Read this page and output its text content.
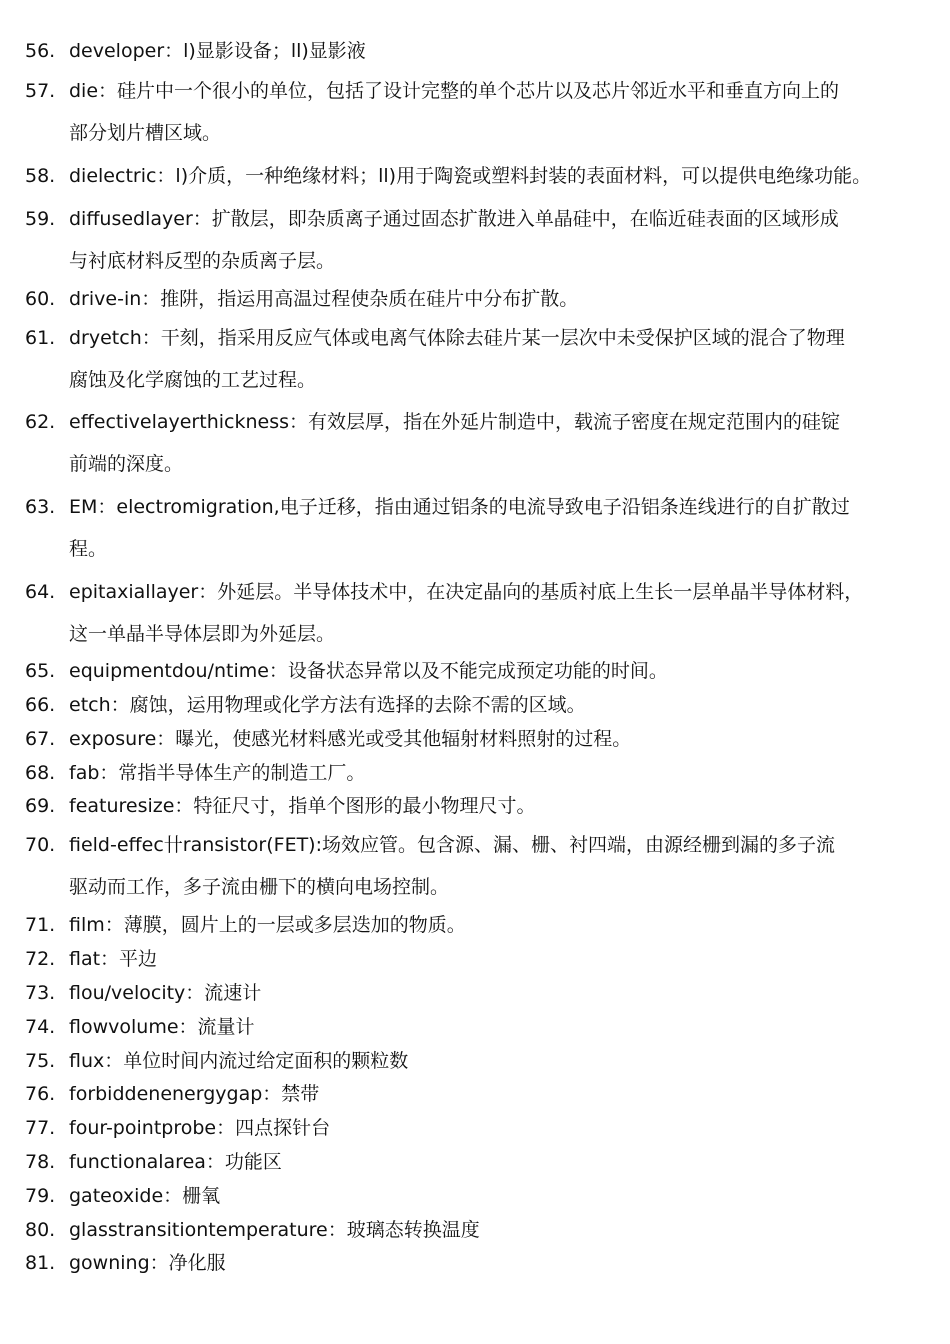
56. developer：l)显影设备；ll)显影液
57. die：硅片中一个很小的单位，包括了设计完整的单个芯片以及芯片邻近水平和垂直方向上的
部分划片槽区域。
58. dielectric：l)介质，一种绝缘材料；ll)用于陶瓷或塑料封装的表面材料，可以提供电绝缘功能。
59. diffusedlayer：扩散层，即杂质离子通过固态扩散进入单晶硅中，在临近硅表面的区域形成
与衬底材料反型的杂质离子层。
60. drive-in：推阱，指运用高温过程使杂质在硅片中分布扩散。
61. dryetch：干刻，指采用反应气体或电离气体除去硅片某一层次中未受保护区域的混合了物理
腐蚀及化学腐蚀的工艺过程。
62. effectivelayerthickness：有效层厚，指在外延片制造中，载流子密度在规定范围内的硅锭
前端的深度。
63. EM：electromigration,电子迁移，指由通过铝条的电流导致电子沿铝条连线进行的自扩散过
程。
64. epitaxiallayer：外延层。半导体技术中，在决定晶向的基质衬底上生长一层单晶半导体材料，
这一单晶半导体层即为外延层。
65. equipmentdou/ntime：设备状态异常以及不能完成预定功能的时间。
66. etch：腐蚀，运用物理或化学方法有选择的去除不需的区域。
67. exposure：曝光，使感光材料感光或受其他辐射材料照射的过程。
68. fab：常指半导体生产的制造工厂。
69. featuresize：特征尺寸，指单个图形的最小物理尺寸。
70. field-effec卄ransistor(FET):场效应管。包含源、漏、栅、衬四端，由源经栅到漏的多子流
驱动而工作，多子流由栅下的横向电场控制。
71. film：薄膜，圆片上的一层或多层迭加的物质。
72. flat：平边
73. flou/velocity：流速计
74. flowvolume：流量计
75. flux：单位时间内流过给定面积的颗粒数
76. forbiddenenergygap：禁带
77. four-pointprobe：四点探针台
78. functionalarea：功能区
79. gateoxide：栅氧
80. glasstransitiontemperature：玻璃态转换温度
81. gowning：净化服
